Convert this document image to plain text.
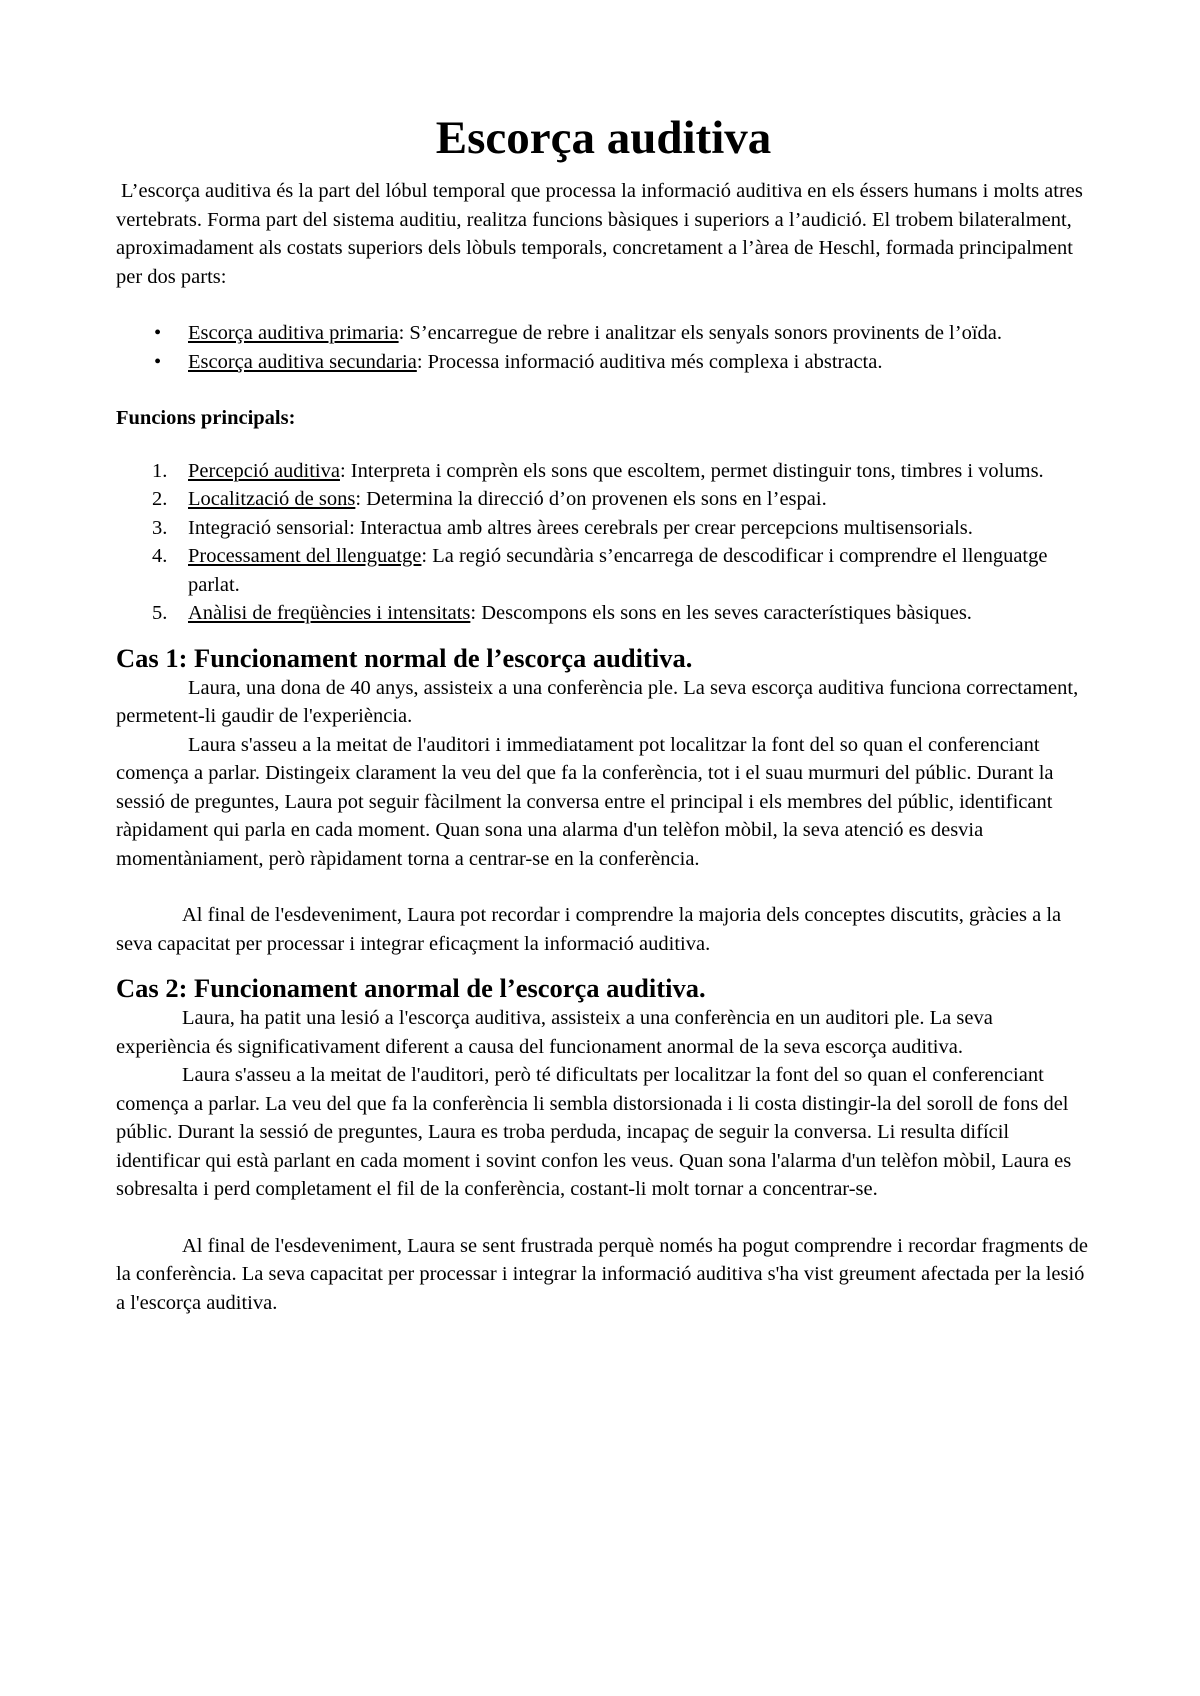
Escorça auditiva

L’escorça auditiva és la part del lóbul temporal que processa la informació auditiva en els éssers humans i molts atres vertebrats. Forma part del sistema auditiu, realitza funcions bàsiques i superiors a l’audició. El trobem bilateralment, aproximadament als costats superiors dels lòbuls temporals, concretament a l’àrea de Heschl, formada principalment per dos parts:

• Escorça auditiva primaria: S’encarregue de rebre i analitzar els senyals sonors provinents de l’oïda.
• Escorça auditiva secundaria: Processa informació auditiva més complexa i abstracta.

Funcions principals:

1. Percepció auditiva: Interpreta i comprèn els sons que escoltem, permet distinguir tons, timbres i volums.
2. Localització de sons: Determina la direcció d’on provenen els sons en l’espai.
3. Integració sensorial: Interactua amb altres àrees cerebrals per crear percepcions multisensorials.
4. Processament del llenguatge: La regió secundària s’encarrega de descodificar i comprendre el llenguatge parlat.
5. Anàlisi de freqüències i intensitats: Descompons els sons en les seves característiques bàsiques.
Cas 1: Funcionament normal de l’escorça auditiva.

Laura, una dona de 40 anys, assisteix a una conferència ple. La seva escorça auditiva funciona correctament, permetent-li gaudir de l'experiència.

Laura s'asseu a la meitat de l'auditori i immediatament pot localitzar la font del so quan el conferenciant comença a parlar. Distingeix clarament la veu del que fa la conferència, tot i el suau murmuri del públic. Durant la sessió de preguntes, Laura pot seguir fàcilment la conversa entre el principal i els membres del públic, identificant ràpidament qui parla en cada moment. Quan sona una alarma d'un telèfon mòbil, la seva atenció es desvia momentàniament, però ràpidament torna a centrar-se en la conferència.

Al final de l'esdeveniment, Laura pot recordar i comprendre la majoria dels conceptes discutits, gràcies a la seva capacitat per processar i integrar eficaçment la informació auditiva.

Cas 2: Funcionament anormal de l’escorça auditiva.

Laura, ha patit una lesió a l'escorça auditiva, assisteix a una conferència en un auditori ple. La seva experiència és significativament diferent a causa del funcionament anormal de la seva escorça auditiva.

Laura s'asseu a la meitat de l'auditori, però té dificultats per localitzar la font del so quan el conferenciant comença a parlar. La veu del que fa la conferència li sembla distorsionada i li costa distingir-la del soroll de fons del públic. Durant la sessió de preguntes, Laura es troba perduda, incapaç de seguir la conversa. Li resulta difícil identificar qui està parlant en cada moment i sovint confon les veus. Quan sona l'alarma d'un telèfon mòbil, Laura es sobresalta i perd completament el fil de la conferència, costant-li molt tornar a concentrar-se.

Al final de l'esdeveniment, Laura se sent frustrada perquè només ha pogut comprendre i recordar fragments de la conferència. La seva capacitat per processar i integrar la informació auditiva s'ha vist greument afectada per la lesió a l'escorça auditiva.
